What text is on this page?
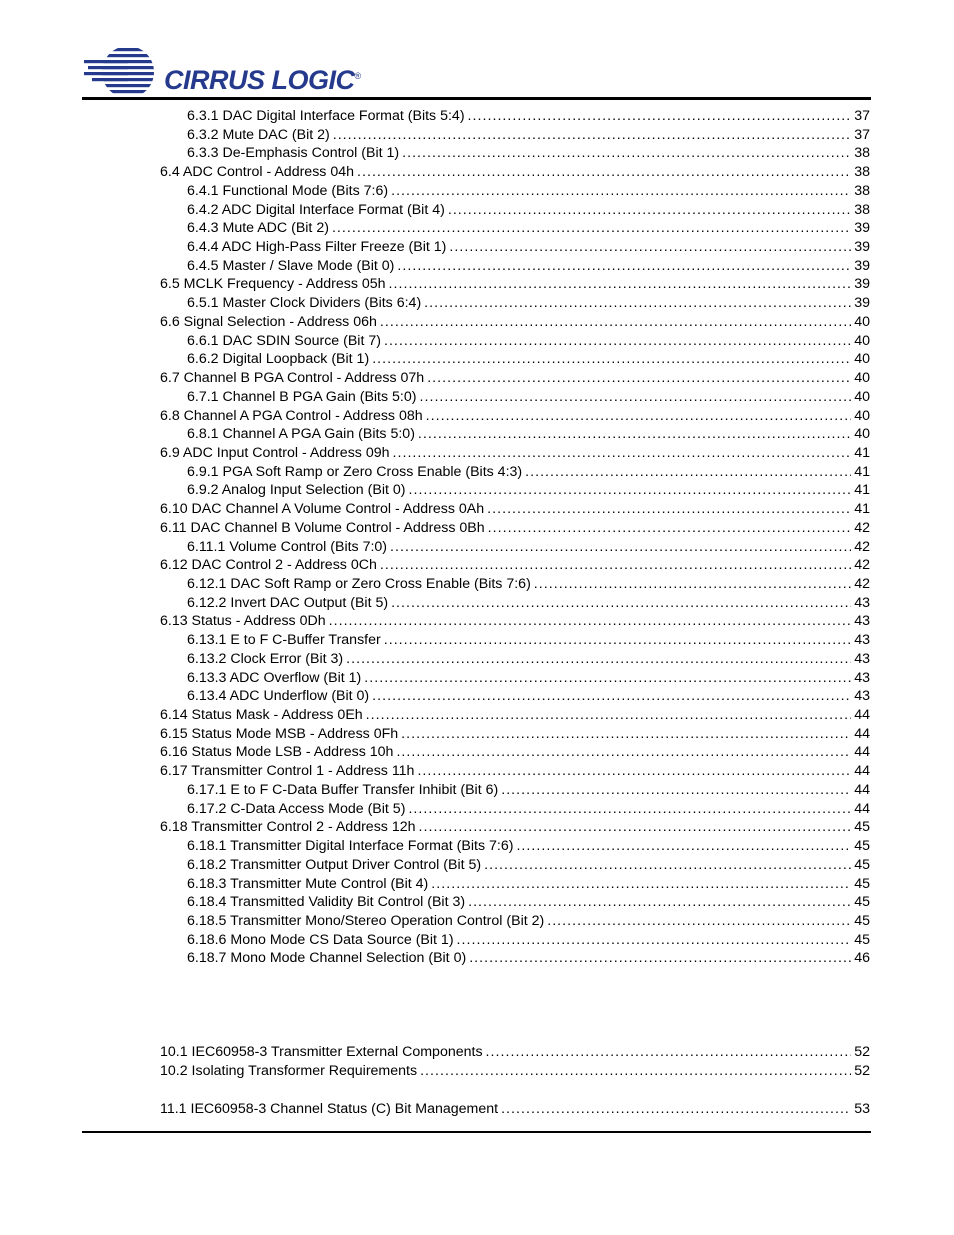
CIRRUS LOGIC®
6.3.1 DAC Digital Interface Format (Bits 5:4) . . .	37
6.3.2 Mute DAC (Bit 2) . . .	37
6.3.3 De-Emphasis Control (Bit 1) . . .	38
6.4 ADC Control - Address 04h . . .	38
6.4.1 Functional Mode (Bits 7:6) . . .	38
6.4.2 ADC Digital Interface Format (Bit 4) . . .	38
6.4.3 Mute ADC (Bit 2) . . .	39
6.4.4 ADC High-Pass Filter Freeze (Bit 1) . . .	39
6.4.5 Master / Slave Mode (Bit 0) . . .	39
6.5 MCLK Frequency - Address 05h . . .	39
6.5.1 Master Clock Dividers (Bits 6:4) . . .	39
6.6 Signal Selection - Address 06h . . .	40
6.6.1 DAC SDIN Source (Bit 7) . . .	40
6.6.2 Digital Loopback (Bit 1) . . .	40
6.7 Channel B PGA Control - Address 07h . . .	40
6.7.1 Channel B PGA Gain (Bits 5:0) . . .	40
6.8 Channel A PGA Control - Address 08h . . .	40
6.8.1 Channel A PGA Gain (Bits 5:0) . . .	40
6.9 ADC Input Control - Address 09h . . .	41
6.9.1 PGA Soft Ramp or Zero Cross Enable (Bits 4:3) . . .	41
6.9.2 Analog Input Selection (Bit 0) . . .	41
6.10 DAC Channel A Volume Control - Address 0Ah . . .	41
6.11 DAC Channel B Volume Control - Address 0Bh . . .	42
6.11.1 Volume Control (Bits 7:0) . . .	42
6.12 DAC Control 2 - Address 0Ch . . .	42
6.12.1 DAC Soft Ramp or Zero Cross Enable (Bits 7:6) . . .	42
6.12.2 Invert DAC Output (Bit 5) . . .	43
6.13 Status - Address 0Dh . . .	43
6.13.1 E to F C-Buffer Transfer . . .	43
6.13.2 Clock Error (Bit 3) . . .	43
6.13.3 ADC Overflow (Bit 1) . . .	43
6.13.4 ADC Underflow (Bit 0) . . .	43
6.14 Status Mask - Address 0Eh . . .	44
6.15 Status Mode MSB - Address 0Fh . . .	44
6.16 Status Mode LSB - Address 10h . . .	44
6.17 Transmitter Control 1 - Address 11h . . .	44
6.17.1 E to F C-Data Buffer Transfer Inhibit (Bit 6) . . .	44
6.17.2 C-Data Access Mode (Bit 5) . . .	44
6.18 Transmitter Control 2 - Address 12h . . .	45
6.18.1 Transmitter Digital Interface Format (Bits 7:6) . . .	45
6.18.2 Transmitter Output Driver Control (Bit 5) . . .	45
6.18.3 Transmitter Mute Control (Bit 4) . . .	45
6.18.4 Transmitted Validity Bit Control (Bit 3) . . .	45
6.18.5 Transmitter Mono/Stereo Operation Control (Bit 2) . . .	45
6.18.6 Mono Mode CS Data Source (Bit 1) . . .	45
6.18.7 Mono Mode Channel Selection (Bit 0) . . .	46
10.1 IEC60958-3 Transmitter External Components . . .	52
10.2 Isolating Transformer Requirements . . .	52
11.1 IEC60958-3 Channel Status (C) Bit Management . . .	53
